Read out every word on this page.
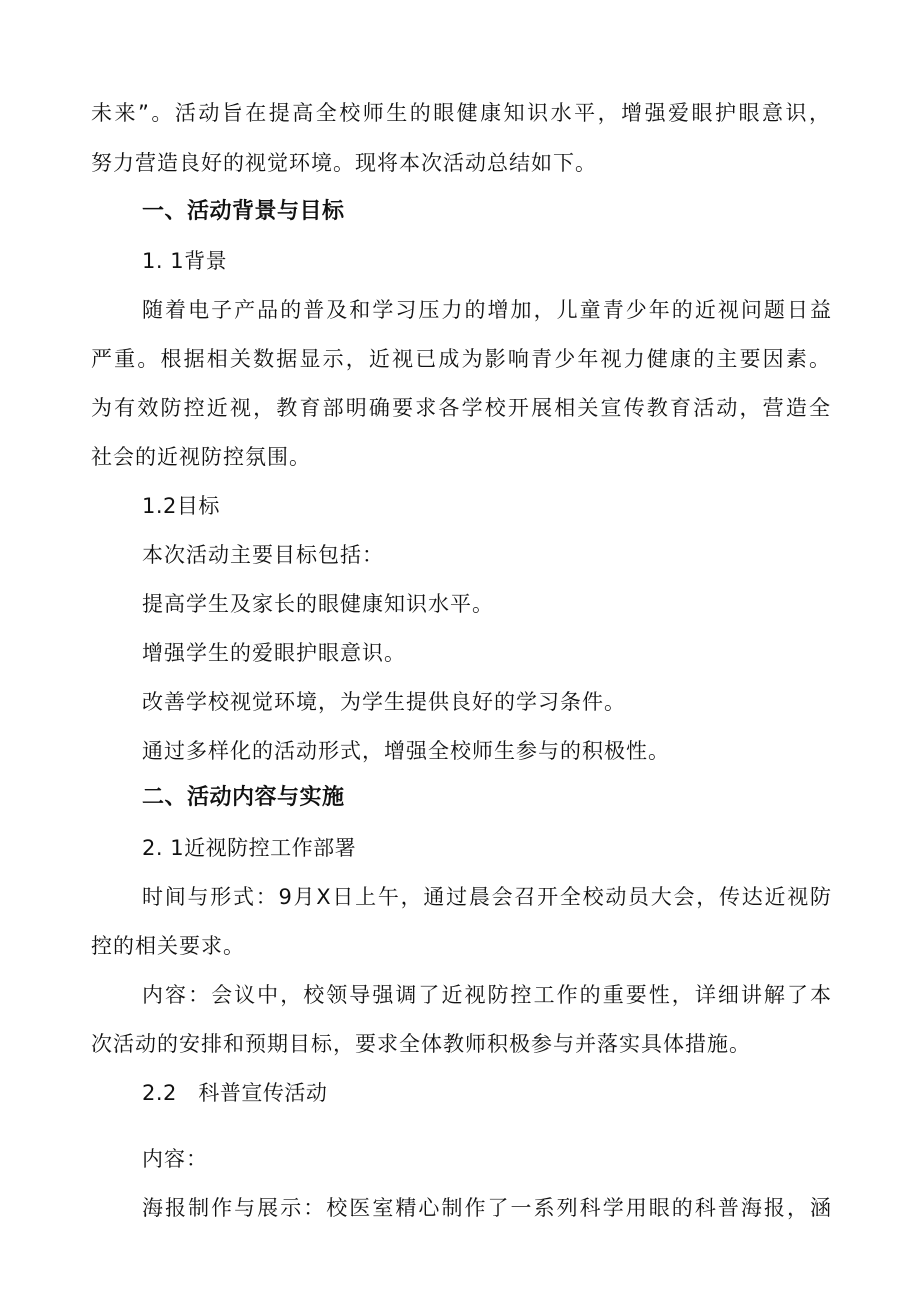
未来”。活动旨在提高全校师生的眼健康知识水平，增强爱眼护眼意识，
努力营造良好的视觉环境。现将本次活动总结如下。
一、活动背景与目标
1. 1背景
随着电子产品的普及和学习压力的增加，儿童青少年的近视问题日益
严重。根据相关数据显示，近视已成为影响青少年视力健康的主要因素。
为有效防控近视，教育部明确要求各学校开展相关宣传教育活动，营造全
社会的近视防控氛围。
1.2目标
本次活动主要目标包括：
提高学生及家长的眼健康知识水平。
增强学生的爱眼护眼意识。
改善学校视觉环境，为学生提供良好的学习条件。
通过多样化的活动形式，增强全校师生参与的积极性。
二、活动内容与实施
2. 1近视防控工作部署
时间与形式：9月X日上午，通过晨会召开全校动员大会，传达近视防
控的相关要求。
内容：会议中，校领导强调了近视防控工作的重要性，详细讲解了本
次活动的安排和预期目标，要求全体教师积极参与并落实具体措施。
2.2   科普宣传活动
内容：
海报制作与展示：校医室精心制作了一系列科学用眼的科普海报，涵
